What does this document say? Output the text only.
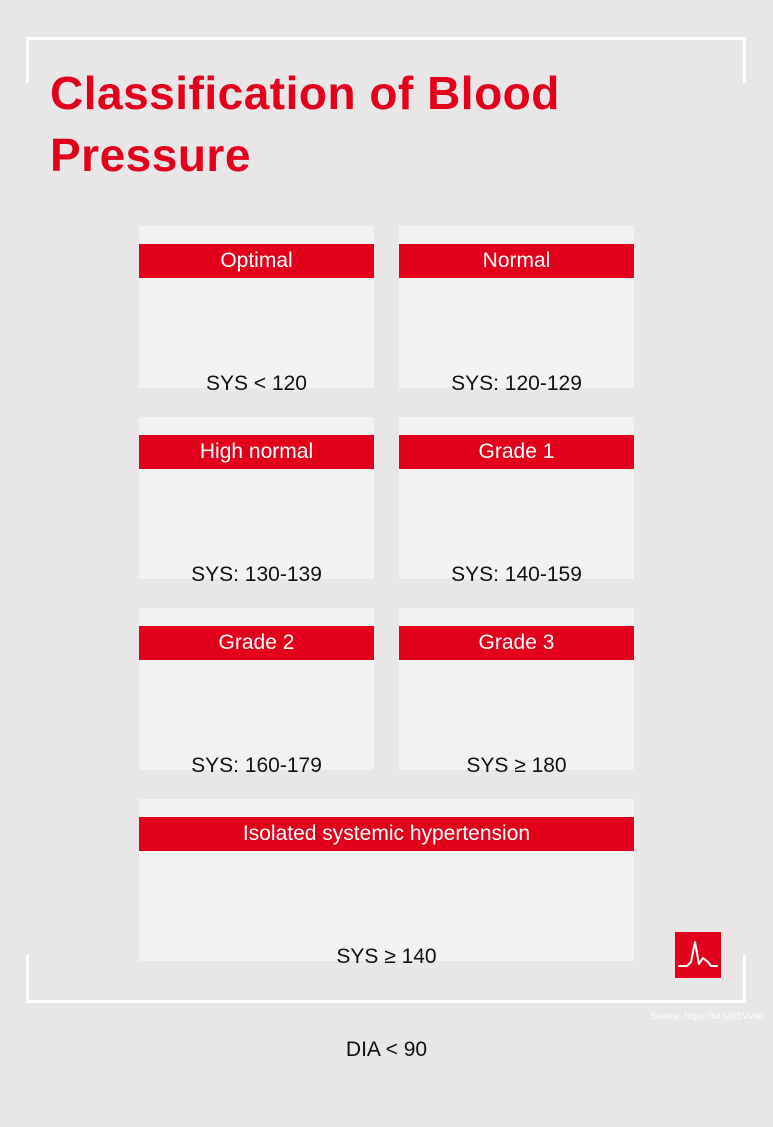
Classification of Blood Pressure
Optimal

SYS < 120

Normal

SYS: 120-129

High normal

SYS: 130-139

Grade 1

SYS: 140-159

Grade 2

SYS: 160-179

Grade 3

SYS ≥ 180

Isolated systemic hypertension

SYS ≥ 140

DIA < 90

Source: https://bit.ly/31Vizwi
